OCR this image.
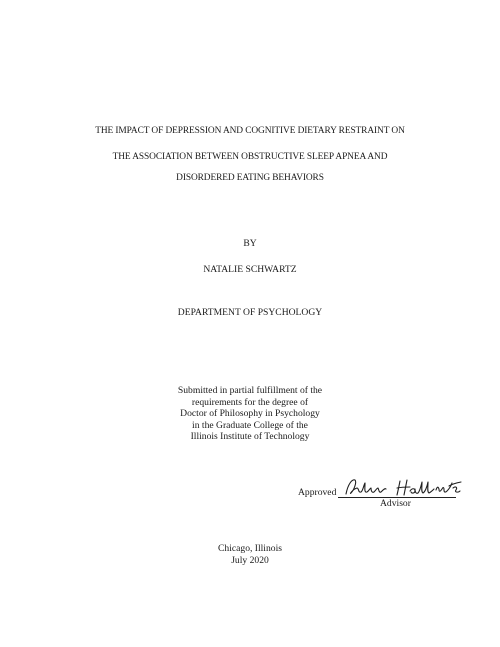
THE IMPACT OF DEPRESSION AND COGNITIVE DIETARY RESTRAINT ON
THE ASSOCIATION BETWEEN OBSTRUCTIVE SLEEP APNEA AND
DISORDERED EATING BEHAVIORS
BY
NATALIE SCHWARTZ
DEPARTMENT OF PSYCHOLOGY
Submitted in partial fulfillment of the
requirements for the degree of
Doctor of Philosophy in Psychology
in the Graduate College of the
Illinois Institute of Technology
Approved
Advisor
Chicago, Illinois
July 2020
